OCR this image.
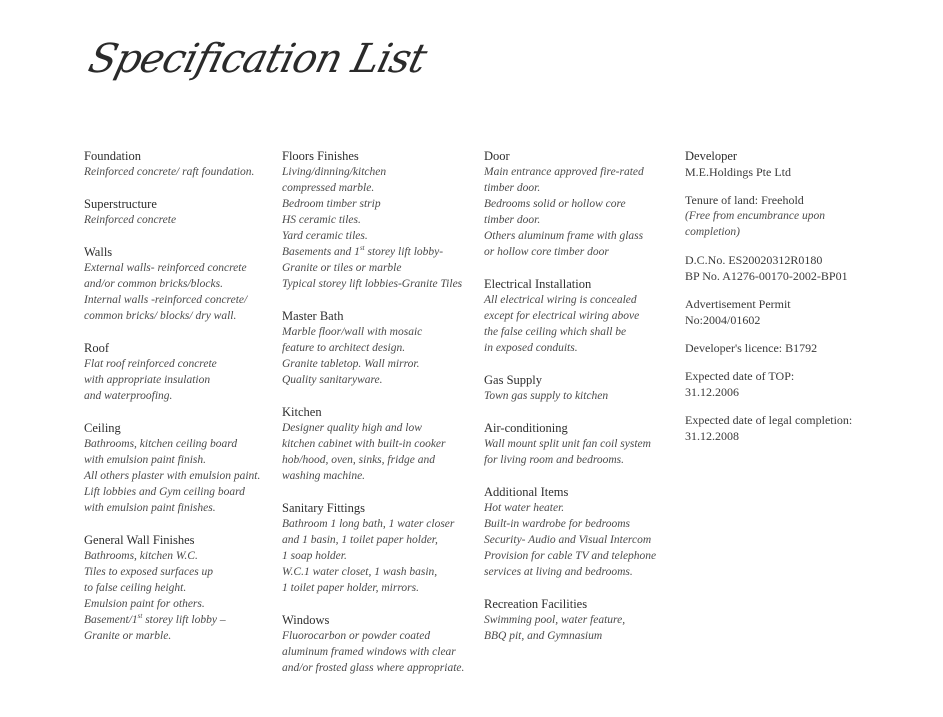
Specification List
Foundation
Reinforced concrete/ raft foundation.
Superstructure
Reinforced concrete
Walls
External walls- reinforced concrete
and/or common bricks/blocks.
Internal walls -reinforced concrete/
common bricks/ blocks/ dry wall.
Roof
Flat roof reinforced concrete
with appropriate insulation
and waterproofing.
Ceiling
Bathrooms, kitchen ceiling board
with emulsion paint finish.
All others plaster with emulsion paint.
Lift lobbies and Gym ceiling board
with emulsion paint finishes.
General Wall Finishes
Bathrooms, kitchen W.C.
Tiles to exposed surfaces up
to false ceiling height.
Emulsion paint for others.
Basement/1st storey lift lobby –
Granite or marble.
Floors Finishes
Living/dinning/kitchen
compressed marble.
Bedroom timber strip
HS ceramic tiles.
Yard ceramic tiles.
Basements and 1st storey lift lobby-
Granite or tiles or marble
Typical storey lift lobbies-Granite Tiles
Master Bath
Marble floor/wall with mosaic
feature to architect design.
Granite tabletop. Wall mirror.
Quality sanitaryware.
Kitchen
Designer quality high and low
kitchen cabinet with built-in cooker
hob/hood, oven, sinks, fridge and
washing machine.
Sanitary Fittings
Bathroom 1 long bath, 1 water closer
and 1 basin, 1 toilet paper holder,
1 soap holder.
W.C.1 water closet, 1 wash basin,
1 toilet paper holder, mirrors.
Windows
Fluorocarbon or powder coated
aluminum framed windows with clear
and/or frosted glass where appropriate.
Door
Main entrance approved fire-rated
timber door.
Bedrooms solid or hollow core
timber door.
Others aluminum frame with glass
or hollow core timber door
Electrical Installation
All electrical wiring is concealed
except for electrical wiring above
the false ceiling which shall be
in exposed conduits.
Gas Supply
Town gas supply to kitchen
Air-conditioning
Wall mount split unit fan coil system
for living room and bedrooms.
Additional Items
Hot water heater.
Built-in wardrobe for bedrooms
Security- Audio and Visual Intercom
Provision for cable TV and telephone
services at living and bedrooms.
Recreation Facilities
Swimming pool, water feature,
BBQ pit, and Gymnasium
Developer
M.E.Holdings Pte Ltd
Tenure of land: Freehold
(Free from encumbrance upon
completion)
D.C.No. ES20020312R0180
BP No. A1276-00170-2002-BP01
Advertisement Permit
No:2004/01602
Developer's licence: B1792
Expected date of TOP:
31.12.2006
Expected date of legal completion:
31.12.2008
